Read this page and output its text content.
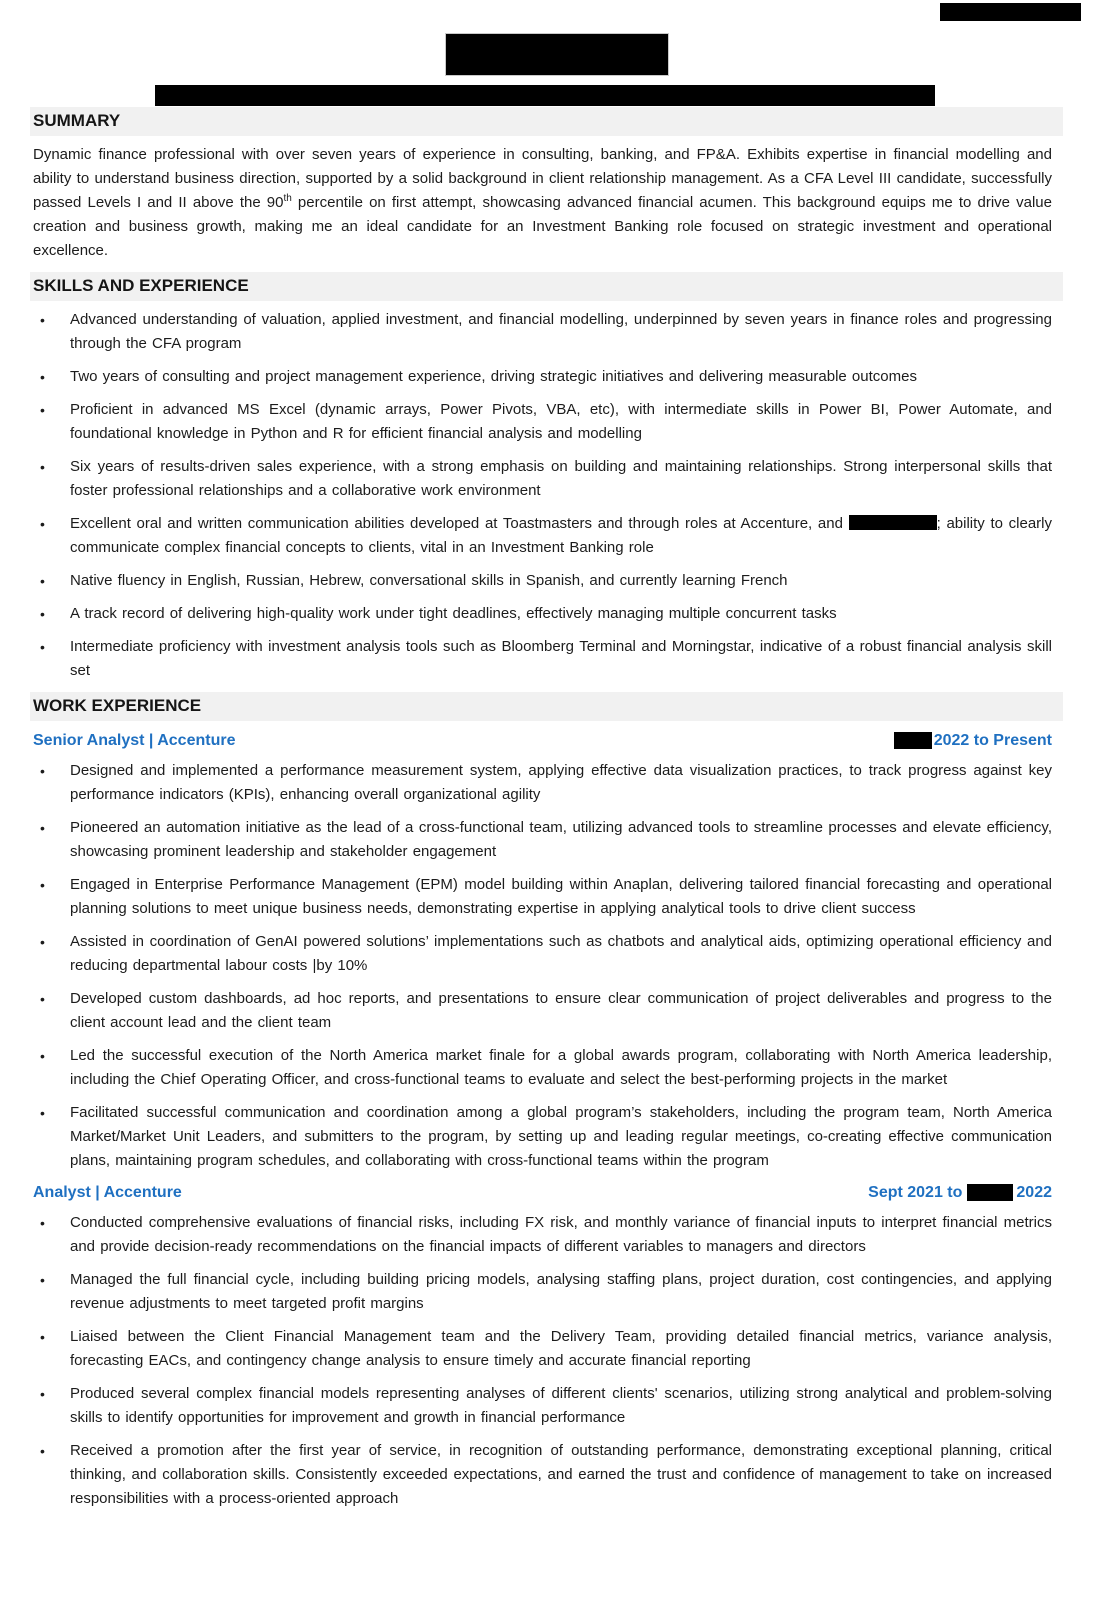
SUMMARY

Dynamic finance professional with over seven years of experience in consulting, banking, and FP&A. Exhibits expertise in financial modelling and ability to understand business direction, supported by a solid background in client relationship management. As a CFA Level III candidate, successfully passed Levels I and II above the 90th percentile on first attempt, showcasing advanced financial acumen. This background equips me to drive value creation and business growth, making me an ideal candidate for an Investment Banking role focused on strategic investment and operational excellence.

SKILLS AND EXPERIENCE
• Advanced understanding of valuation, applied investment, and financial modelling, underpinned by seven years in finance roles and progressing through the CFA program
• Two years of consulting and project management experience, driving strategic initiatives and delivering measurable outcomes
• Proficient in advanced MS Excel (dynamic arrays, Power Pivots, VBA, etc), with intermediate skills in Power BI, Power Automate, and foundational knowledge in Python and R for efficient financial analysis and modelling
• Six years of results-driven sales experience, with a strong emphasis on building and maintaining relationships. Strong interpersonal skills that foster professional relationships and a collaborative work environment
• Excellent oral and written communication abilities developed at Toastmasters and through roles at Accenture, and	; ability to clearly communicate complex financial concepts to clients, vital in an Investment Banking role
• Native fluency in English, Russian, Hebrew, conversational skills in Spanish, and currently learning French
• A track record of delivering high-quality work under tight deadlines, effectively managing multiple concurrent tasks
• Intermediate proficiency with investment analysis tools such as Bloomberg Terminal and Morningstar, indicative of a robust financial analysis skill set
WORK EXPERIENCE
Senior Analyst | Accenture	2022 to Present
• Designed and implemented a performance measurement system, applying effective data visualization practices, to track progress against key performance indicators (KPIs), enhancing overall organizational agility
• Pioneered an automation initiative as the lead of a cross-functional team, utilizing advanced tools to streamline processes and elevate efficiency, showcasing prominent leadership and stakeholder engagement
• Engaged in Enterprise Performance Management (EPM) model building within Anaplan, delivering tailored financial forecasting and operational planning solutions to meet unique business needs, demonstrating expertise in applying analytical tools to drive client success
• Assisted in coordination of GenAI powered solutions’ implementations such as chatbots and analytical aids, optimizing operational efficiency and reducing departmental labour costs |by 10%
• Developed custom dashboards, ad hoc reports, and presentations to ensure clear communication of project deliverables and progress to the client account lead and the client team
• Led the successful execution of the North America market finale for a global awards program, collaborating with North America leadership, including the Chief Operating Officer, and cross-functional teams to evaluate and select the best-performing projects in the market
• Facilitated successful communication and coordination among a global program’s stakeholders, including the program team, North America Market/Market Unit Leaders, and submitters to the program, by setting up and leading regular meetings, co-creating effective communication plans, maintaining program schedules, and collaborating with cross-functional teams within the program
Analyst | Accenture	Sept 2021 to	2022
• Conducted comprehensive evaluations of financial risks, including FX risk, and monthly variance of financial inputs to interpret financial metrics and provide decision-ready recommendations on the financial impacts of different variables to managers and directors
• Managed the full financial cycle, including building pricing models, analysing staffing plans, project duration, cost contingencies, and applying revenue adjustments to meet targeted profit margins
• Liaised between the Client Financial Management team and the Delivery Team, providing detailed financial metrics, variance analysis, forecasting EACs, and contingency change analysis to ensure timely and accurate financial reporting
• Produced several complex financial models representing analyses of different clients' scenarios, utilizing strong analytical and problem-solving skills to identify opportunities for improvement and growth in financial performance
• Received a promotion after the first year of service, in recognition of outstanding performance, demonstrating exceptional planning, critical thinking, and collaboration skills. Consistently exceeded expectations, and earned the trust and confidence of management to take on increased responsibilities with a process-oriented approach
